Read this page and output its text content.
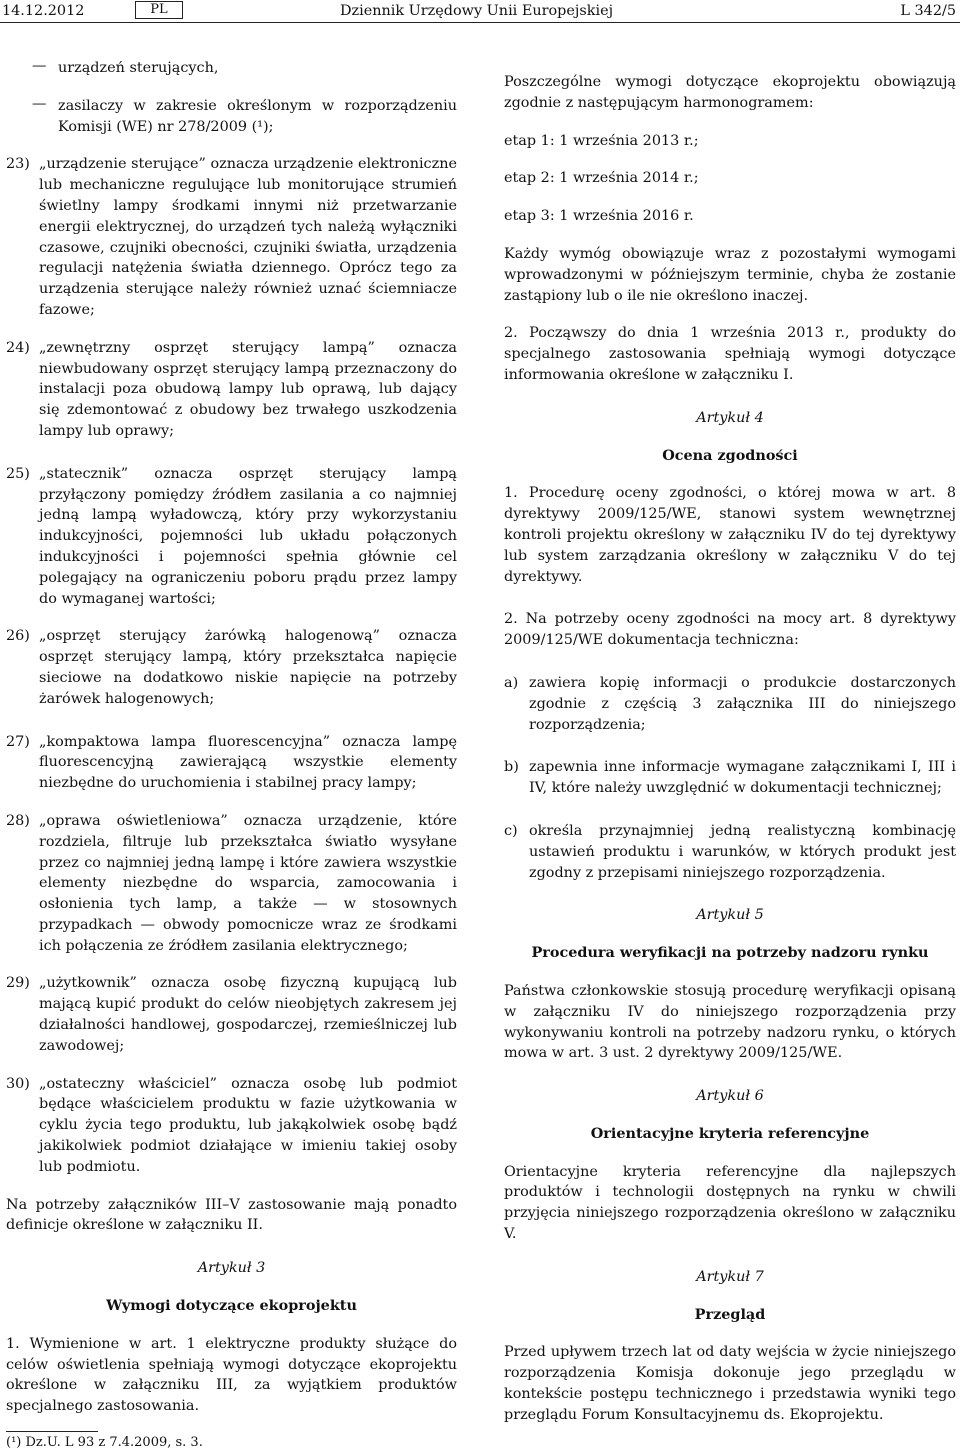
14.12.2012	PL	Dziennik Urzędowy Unii Europejskiej	L 342/5
— urządzeń sterujących,
— zasilaczy w zakresie określonym w rozporządzeniu Komisji (WE) nr 278/2009 (¹);
23) „urządzenie sterujące” oznacza urządzenie elektroniczne lub mechaniczne regulujące lub monitorujące strumień świetlny lampy środkami innymi niż przetwarzanie energii elektrycznej, do urządzeń tych należą wyłączniki czasowe, czujniki obecności, czujniki światła, urządzenia regulacji natężenia światła dziennego. Oprócz tego za urządzenia sterujące należy również uznać ściemniacze fazowe;
24) „zewnętrzny osprzęt sterujący lampą” oznacza niewbudowany osprzęt sterujący lampą przeznaczony do instalacji poza obudową lampy lub oprawą, lub dający się zdemontować z obudowy bez trwałego uszkodzenia lampy lub oprawy;
25) „statecznik” oznacza osprzęt sterujący lampą przyłączony pomiędzy źródłem zasilania a co najmniej jedną lampą wyładowczą, który przy wykorzystaniu indukcyjności, pojemności lub układu połączonych indukcyjności i pojemności spełnia głównie cel polegający na ograniczeniu poboru prądu przez lampy do wymaganej wartości;
26) „osprzęt sterujący żarówką halogenową” oznacza osprzęt sterujący lampą, który przekształca napięcie sieciowe na dodatkowo niskie napięcie na potrzeby żarówek halogenowych;
27) „kompaktowa lampa fluorescencyjna” oznacza lampę fluorescencyjną zawierającą wszystkie elementy niezbędne do uruchomienia i stabilnej pracy lampy;
28) „oprawa oświetleniowa” oznacza urządzenie, które rozdziela, filtruje lub przekształca światło wysyłane przez co najmniej jedną lampę i które zawiera wszystkie elementy niezbędne do wsparcia, zamocowania i osłonienia tych lamp, a także — w stosownych przypadkach — obwody pomocnicze wraz ze środkami ich połączenia ze źródłem zasilania elektrycznego;
29) „użytkownik” oznacza osobę fizyczną kupującą lub mającą kupić produkt do celów nieobjętych zakresem jej działalności handlowej, gospodarczej, rzemieślniczej lub zawodowej;
30) „ostateczny właściciel” oznacza osobę lub podmiot będące właścicielem produktu w fazie użytkowania w cyklu życia tego produktu, lub jakąkolwiek osobę bądź jakikolwiek podmiot działające w imieniu takiej osoby lub podmiotu.

Na potrzeby załączników III–V zastosowanie mają ponadto definicje określone w załączniku II.

Artykuł 3
Wymogi dotyczące ekoprojektu

1. Wymienione w art. 1 elektryczne produkty służące do celów oświetlenia spełniają wymogi dotyczące ekoprojektu określone w załączniku III, za wyjątkiem produktów specjalnego zastosowania.

(¹) Dz.U. L 93 z 7.4.2009, s. 3.

Poszczególne wymogi dotyczące ekoprojektu obowiązują zgodnie z następującym harmonogramem:

etap 1: 1 września 2013 r.;

etap 2: 1 września 2014 r.;

etap 3: 1 września 2016 r.

Każdy wymóg obowiązuje wraz z pozostałymi wymogami wprowadzonymi w późniejszym terminie, chyba że zostanie zastąpiony lub o ile nie określono inaczej.

2. Począwszy do dnia 1 września 2013 r., produkty do specjalnego zastosowania spełniają wymogi dotyczące informowania określone w załączniku I.

Artykuł 4
Ocena zgodności

1. Procedurę oceny zgodności, o której mowa w art. 8 dyrektywy 2009/125/WE, stanowi system wewnętrznej kontroli projektu określony w załączniku IV do tej dyrektywy lub system zarządzania określony w załączniku V do tej dyrektywy.

2. Na potrzeby oceny zgodności na mocy art. 8 dyrektywy 2009/125/WE dokumentacja techniczna:

a) zawiera kopię informacji o produkcie dostarczonych zgodnie z częścią 3 załącznika III do niniejszego rozporządzenia;
b) zapewnia inne informacje wymagane załącznikami I, III i IV, które należy uwzględnić w dokumentacji technicznej;
c) określa przynajmniej jedną realistyczną kombinację ustawień produktu i warunków, w których produkt jest zgodny z przepisami niniejszego rozporządzenia.
Artykuł 5
Procedura weryfikacji na potrzeby nadzoru rynku

Państwa członkowskie stosują procedurę weryfikacji opisaną w załączniku IV do niniejszego rozporządzenia przy wykonywaniu kontroli na potrzeby nadzoru rynku, o których mowa w art. 3 ust. 2 dyrektywy 2009/125/WE.

Artykuł 6
Orientacyjne kryteria referencyjne

Orientacyjne kryteria referencyjne dla najlepszych produktów i technologii dostępnych na rynku w chwili przyjęcia niniejszego rozporządzenia określono w załączniku V.

Artykuł 7
Przegląd

Przed upływem trzech lat od daty wejścia w życie niniejszego rozporządzenia Komisja dokonuje jego przeglądu w kontekście postępu technicznego i przedstawia wyniki tego przeglądu Forum Konsultacyjnemu ds. Ekoprojektu.
